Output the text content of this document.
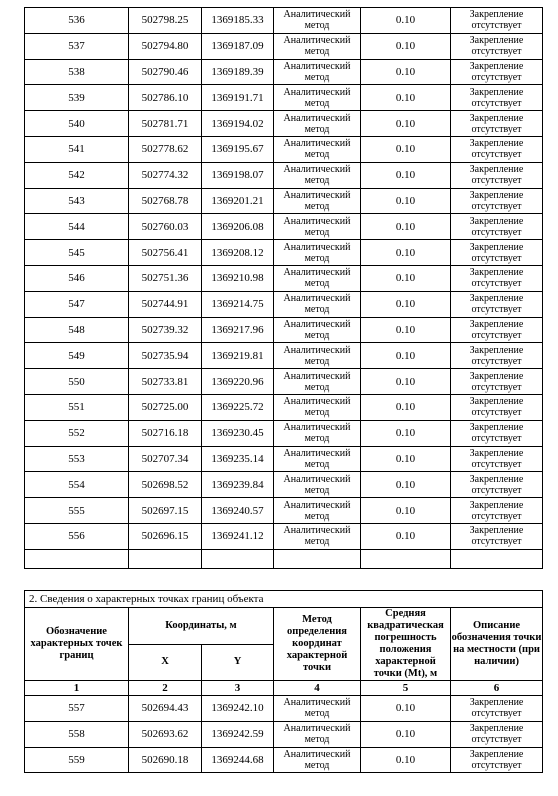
536	502798.25	1369185.33	Аналитический метод	0.10	Закрепление отсутствует
537	502794.80	1369187.09	Аналитический метод	0.10	Закрепление отсутствует
538	502790.46	1369189.39	Аналитический метод	0.10	Закрепление отсутствует
539	502786.10	1369191.71	Аналитический метод	0.10	Закрепление отсутствует
540	502781.71	1369194.02	Аналитический метод	0.10	Закрепление отсутствует
541	502778.62	1369195.67	Аналитический метод	0.10	Закрепление отсутствует
542	502774.32	1369198.07	Аналитический метод	0.10	Закрепление отсутствует
543	502768.78	1369201.21	Аналитический метод	0.10	Закрепление отсутствует
544	502760.03	1369206.08	Аналитический метод	0.10	Закрепление отсутствует
545	502756.41	1369208.12	Аналитический метод	0.10	Закрепление отсутствует
546	502751.36	1369210.98	Аналитический метод	0.10	Закрепление отсутствует
547	502744.91	1369214.75	Аналитический метод	0.10	Закрепление отсутствует
548	502739.32	1369217.96	Аналитический метод	0.10	Закрепление отсутствует
549	502735.94	1369219.81	Аналитический метод	0.10	Закрепление отсутствует
550	502733.81	1369220.96	Аналитический метод	0.10	Закрепление отсутствует
551	502725.00	1369225.72	Аналитический метод	0.10	Закрепление отсутствует
552	502716.18	1369230.45	Аналитический метод	0.10	Закрепление отсутствует
553	502707.34	1369235.14	Аналитический метод	0.10	Закрепление отсутствует
554	502698.52	1369239.84	Аналитический метод	0.10	Закрепление отсутствует
555	502697.15	1369240.57	Аналитический метод	0.10	Закрепление отсутствует
556	502696.15	1369241.12	Аналитический метод	0.10	Закрепление отсутствует

2. Сведения о характерных точках границ объекта					
Обозначение характерных точек границ	Координаты, м		Метод определения координат характерной точки	Средняя квадратическая погрешность положения характерной точки (Mt), м	Описание обозначения точки на местности (при наличии)
	X	Y			
1	2	3	4	5	6
557	502694.43	1369242.10	Аналитический метод	0.10	Закрепление отсутствует
558	502693.62	1369242.59	Аналитический метод	0.10	Закрепление отсутствует
559	502690.18	1369244.68	Аналитический метод	0.10	Закрепление отсутствует
